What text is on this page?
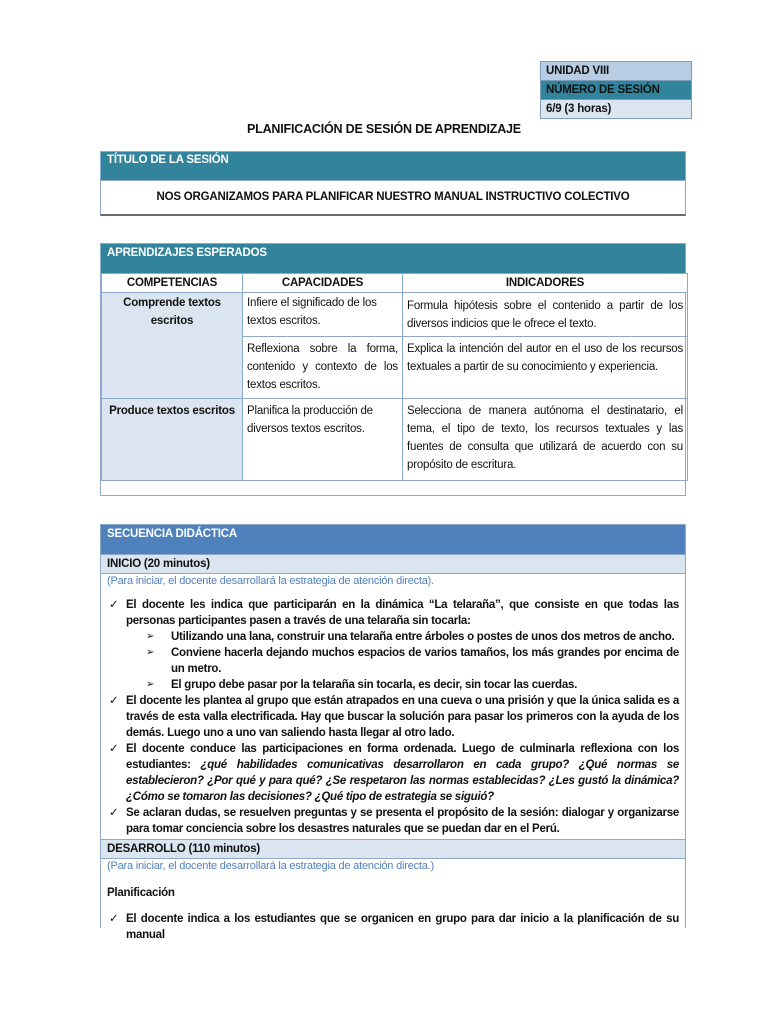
UNIDAD VIII
NÚMERO DE SESIÓN
6/9 (3 horas)
PLANIFICACIÓN DE SESIÓN DE APRENDIZAJE
TÍTULO DE LA SESIÓN
NOS ORGANIZAMOS PARA PLANIFICAR NUESTRO MANUAL INSTRUCTIVO COLECTIVO
APRENDIZAJES ESPERADOS
COMPETENCIAS	CAPACIDADES	INDICADORES
Comprende textos escritos	Infiere el significado de los textos escritos.	Formula hipótesis sobre el contenido a partir de los diversos indicios que le ofrece el texto.
	Reflexiona sobre la forma, contenido y contexto de los textos escritos.	Explica la intención del autor en el uso de los recursos textuales a partir de su conocimiento y experiencia.
Produce textos escritos	Planifica la producción de diversos textos escritos.	Selecciona de manera autónoma el destinatario, el tema, el tipo de texto, los recursos textuales y las fuentes de consulta que utilizará de acuerdo con su propósito de escritura.
SECUENCIA DIDÁCTICA
INICIO (20 minutos)
(Para iniciar, el docente desarrollará la estrategia de atención directa).
✓ El docente les indica que participarán en la dinámica “La telaraña”, que consiste en que todas las personas participantes pasen a través de una telaraña sin tocarla:
➢ Utilizando una lana, construir una telaraña entre árboles o postes de unos dos metros de ancho.
➢ Conviene hacerla dejando muchos espacios de varios tamaños, los más grandes por encima de un metro.
➢ El grupo debe pasar por la telaraña sin tocarla, es decir, sin tocar las cuerdas.
✓ El docente les plantea al grupo que están atrapados en una cueva o una prisión y que la única salida es a través de esta valla electrificada. Hay que buscar la solución para pasar los primeros con la ayuda de los demás. Luego uno a uno van saliendo hasta llegar al otro lado.
✓ El docente conduce las participaciones en forma ordenada. Luego de culminarla reflexiona con los estudiantes: ¿qué habilidades comunicativas desarrollaron en cada grupo? ¿Qué normas se establecieron? ¿Por qué y para qué? ¿Se respetaron las normas establecidas? ¿Les gustó la dinámica? ¿Cómo se tomaron las decisiones? ¿Qué tipo de estrategia se siguió?
✓ Se aclaran dudas, se resuelven preguntas y se presenta el propósito de la sesión: dialogar y organizarse para tomar conciencia sobre los desastres naturales que se puedan dar en el Perú.
DESARROLLO (110 minutos)
(Para iniciar, el docente desarrollará la estrategia de atención directa.)
Planificación
✓ El docente indica a los estudiantes que se organicen en grupo para dar inicio a la planificación de su manual
